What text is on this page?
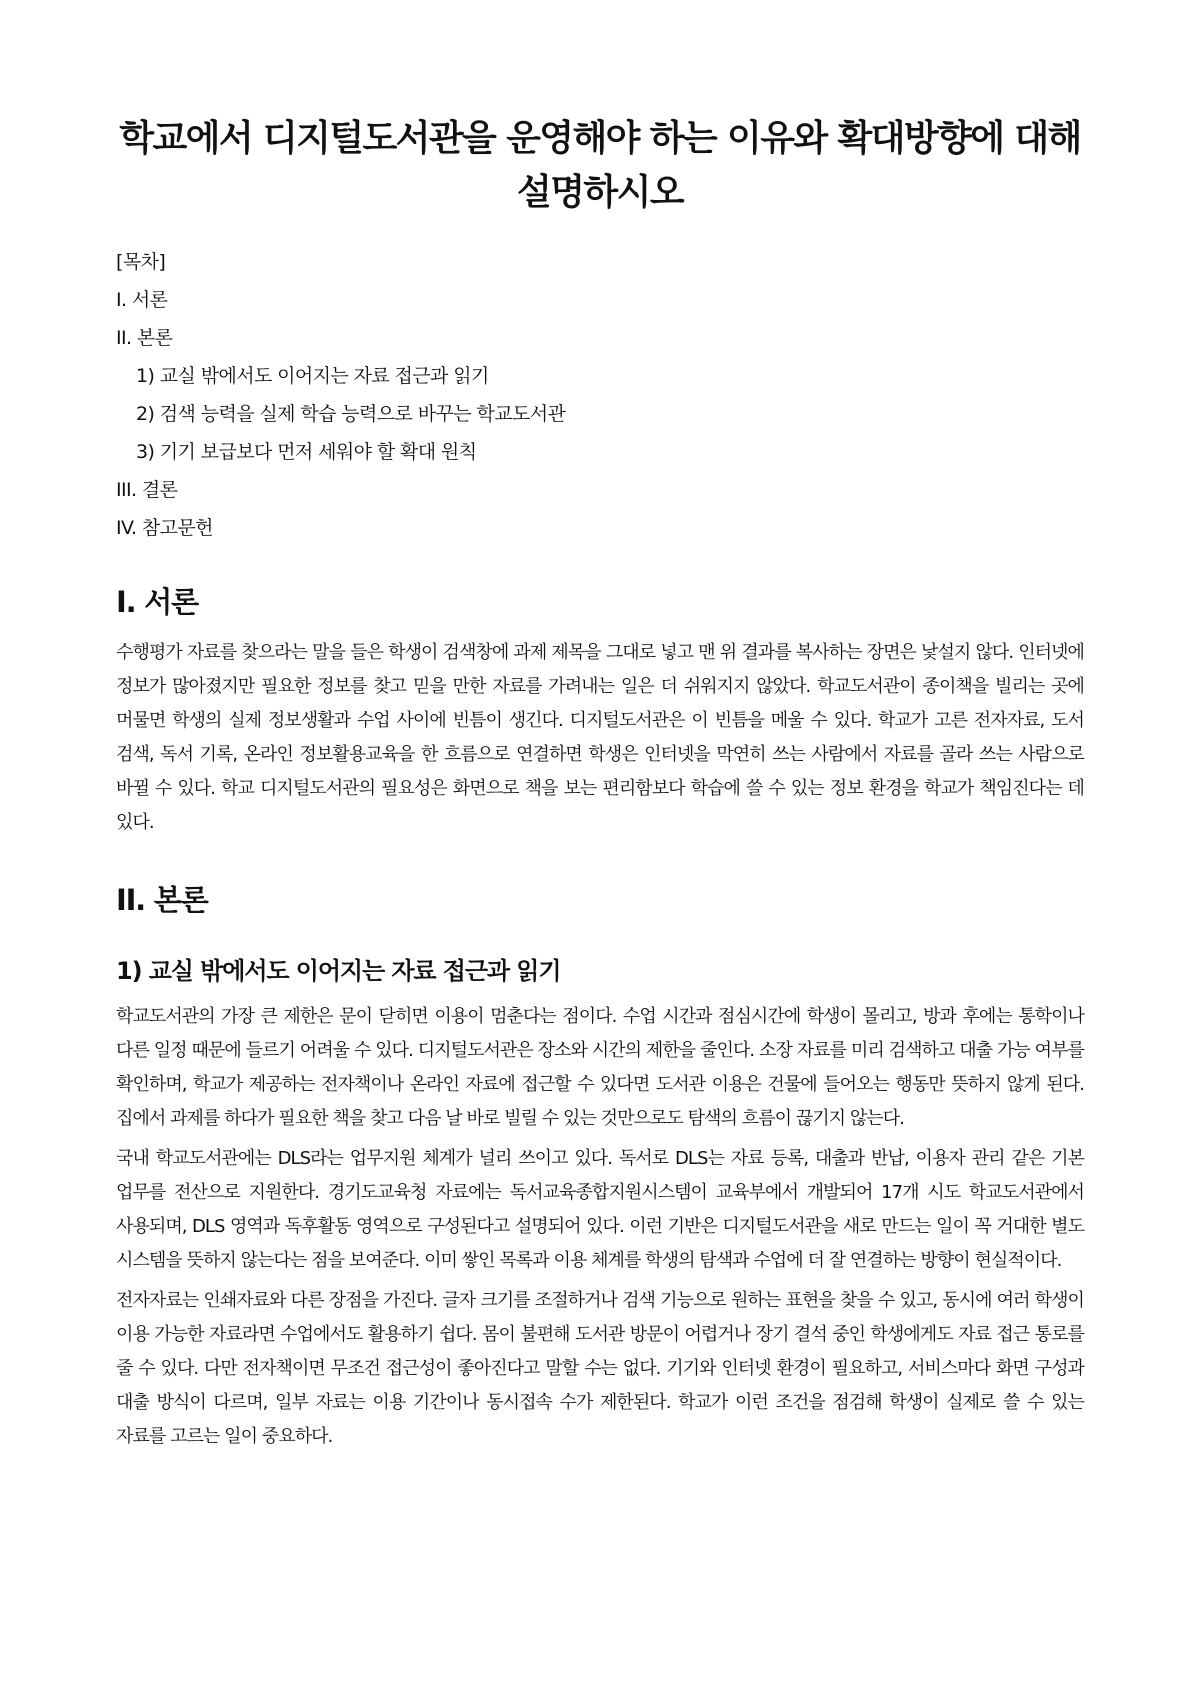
학교에서 디지털도서관을 운영해야 하는 이유와 확대방향에 대해 설명하시오
[목차]
I. 서론
II. 본론
1) 교실 밖에서도 이어지는 자료 접근과 읽기
2) 검색 능력을 실제 학습 능력으로 바꾸는 학교도서관
3) 기기 보급보다 먼저 세워야 할 확대 원칙
III. 결론
IV. 참고문헌
I. 서론

수행평가 자료를 찾으라는 말을 들은 학생이 검색창에 과제 제목을 그대로 넣고 맨 위 결과를 복사하는 장면은 낯설지 않다. 인터넷에 정보가 많아졌지만 필요한 정보를 찾고 믿을 만한 자료를 가려내는 일은 더 쉬워지지 않았다. 학교도서관이 종이책을 빌리는 곳에 머물면 학생의 실제 정보생활과 수업 사이에 빈틈이 생긴다. 디지털도서관은 이 빈틈을 메울 수 있다. 학교가 고른 전자자료, 도서 검색, 독서 기록, 온라인 정보활용교육을 한 흐름으로 연결하면 학생은 인터넷을 막연히 쓰는 사람에서 자료를 골라 쓰는 사람으로 바뀔 수 있다. 학교 디지털도서관의 필요성은 화면으로 책을 보는 편리함보다 학습에 쓸 수 있는 정보 환경을 학교가 책임진다는 데 있다.

II. 본론
1) 교실 밖에서도 이어지는 자료 접근과 읽기

학교도서관의 가장 큰 제한은 문이 닫히면 이용이 멈춘다는 점이다. 수업 시간과 점심시간에 학생이 몰리고, 방과 후에는 통학이나 다른 일정 때문에 들르기 어려울 수 있다. 디지털도서관은 장소와 시간의 제한을 줄인다. 소장 자료를 미리 검색하고 대출 가능 여부를 확인하며, 학교가 제공하는 전자책이나 온라인 자료에 접근할 수 있다면 도서관 이용은 건물에 들어오는 행동만 뜻하지 않게 된다. 집에서 과제를 하다가 필요한 책을 찾고 다음 날 바로 빌릴 수 있는 것만으로도 탐색의 흐름이 끊기지 않는다.

국내 학교도서관에는 DLS라는 업무지원 체계가 널리 쓰이고 있다. 독서로 DLS는 자료 등록, 대출과 반납, 이용자 관리 같은 기본 업무를 전산으로 지원한다. 경기도교육청 자료에는 독서교육종합지원시스템이 교육부에서 개발되어 17개 시도 학교도서관에서 사용되며, DLS 영역과 독후활동 영역으로 구성된다고 설명되어 있다. 이런 기반은 디지털도서관을 새로 만드는 일이 꼭 거대한 별도 시스템을 뜻하지 않는다는 점을 보여준다. 이미 쌓인 목록과 이용 체계를 학생의 탐색과 수업에 더 잘 연결하는 방향이 현실적이다.

전자자료는 인쇄자료와 다른 장점을 가진다. 글자 크기를 조절하거나 검색 기능으로 원하는 표현을 찾을 수 있고, 동시에 여러 학생이 이용 가능한 자료라면 수업에서도 활용하기 쉽다. 몸이 불편해 도서관 방문이 어렵거나 장기 결석 중인 학생에게도 자료 접근 통로를 줄 수 있다. 다만 전자책이면 무조건 접근성이 좋아진다고 말할 수는 없다. 기기와 인터넷 환경이 필요하고, 서비스마다 화면 구성과 대출 방식이 다르며, 일부 자료는 이용 기간이나 동시접속 수가 제한된다. 학교가 이런 조건을 점검해 학생이 실제로 쓸 수 있는 자료를 고르는 일이 중요하다.
